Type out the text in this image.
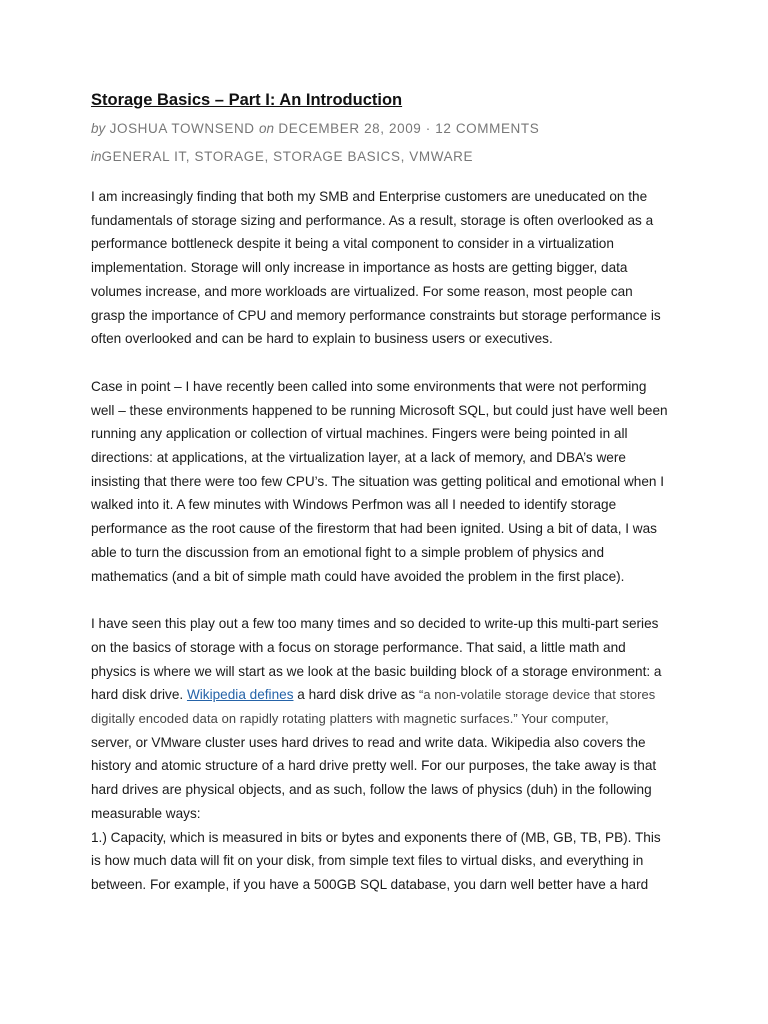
Storage Basics – Part I: An Introduction
by JOSHUA TOWNSEND on DECEMBER 28, 2009 · 12 COMMENTS
inGENERAL IT, STORAGE, STORAGE BASICS, VMWARE

I am increasingly finding that both my SMB and Enterprise customers are uneducated on the
fundamentals of storage sizing and performance. As a result, storage is often overlooked as a
performance bottleneck despite it being a vital component to consider in a virtualization
implementation. Storage will only increase in importance as hosts are getting bigger, data
volumes increase, and more workloads are virtualized. For some reason, most people can
grasp the importance of CPU and memory performance constraints but storage performance is
often overlooked and can be hard to explain to business users or executives.

Case in point – I have recently been called into some environments that were not performing
well – these environments happened to be running Microsoft SQL, but could just have well been
running any application or collection of virtual machines. Fingers were being pointed in all
directions: at applications, at the virtualization layer, at a lack of memory, and DBA’s were
insisting that there were too few CPU’s. The situation was getting political and emotional when I
walked into it. A few minutes with Windows Perfmon was all I needed to identify storage
performance as the root cause of the firestorm that had been ignited. Using a bit of data, I was
able to turn the discussion from an emotional fight to a simple problem of physics and
mathematics (and a bit of simple math could have avoided the problem in the first place).

I have seen this play out a few too many times and so decided to write-up this multi-part series
on the basics of storage with a focus on storage performance. That said, a little math and
physics is where we will start as we look at the basic building block of a storage environment: a
hard disk drive. Wikipedia defines a hard disk drive as “a non-volatile storage device that stores
digitally encoded data on rapidly rotating platters with magnetic surfaces.” Your computer,
server, or VMware cluster uses hard drives to read and write data. Wikipedia also covers the
history and atomic structure of a hard drive pretty well. For our purposes, the take away is that
hard drives are physical objects, and as such, follow the laws of physics (duh) in the following
measurable ways:

1.) Capacity, which is measured in bits or bytes and exponents there of (MB, GB, TB, PB). This
is how much data will fit on your disk, from simple text files to virtual disks, and everything in
between. For example, if you have a 500GB SQL database, you darn well better have a hard
